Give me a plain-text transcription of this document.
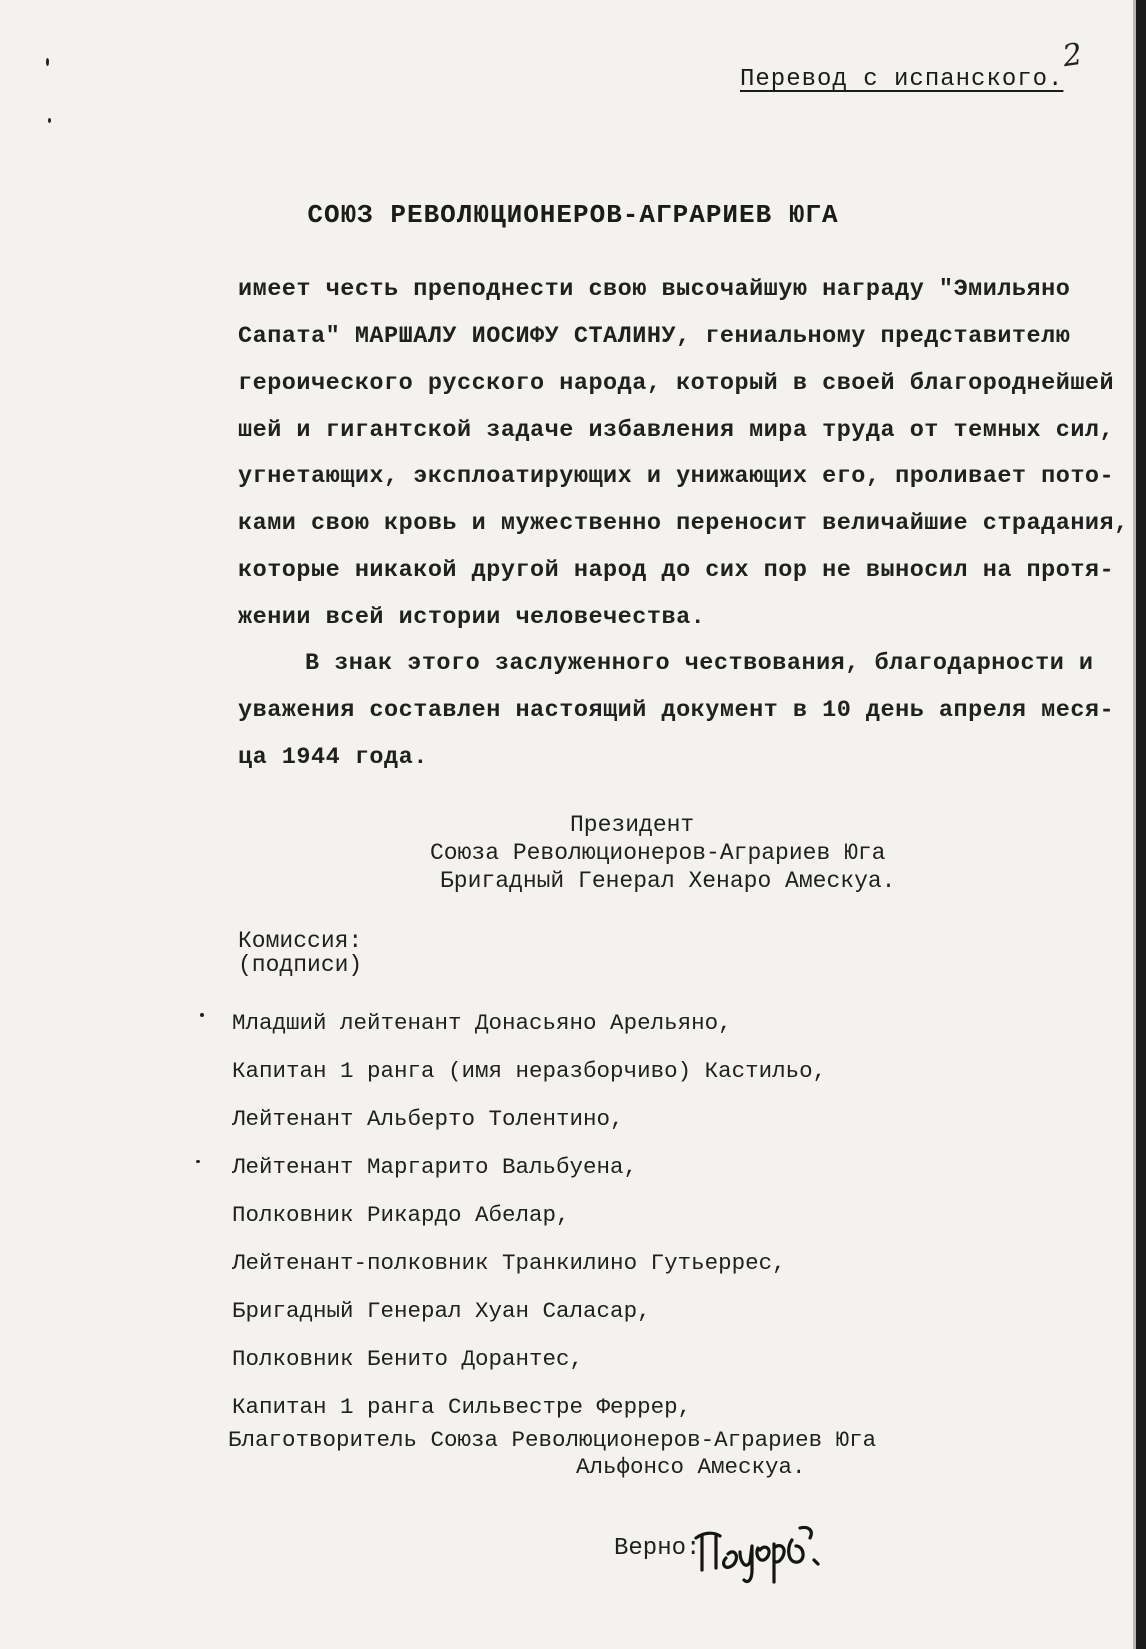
2
Перевод с испанского.
СОЮЗ РЕВОЛЮЦИОНЕРОВ-АГРАРИЕВ ЮГА
имеет честь преподнести свою высочайшую награду "Эмильяно
Сапата" МАРШАЛУ ИОСИФУ СТАЛИНУ, гениальному представителю
героического русского народа, который в своей благороднейшей
шей и гигантской задаче избавления мира труда от темных сил,
угнетающих, эксплоатирующих и унижающих его, проливает пото-
ками свою кровь и мужественно переносит величайшие страдания,
которые никакой другой народ до сих пор не выносил на протя-
жении всей истории человечества.
В знак этого заслуженного чествования, благодарности и
уважения составлен настоящий документ в 10 день апреля меся-
ца 1944 года.
Президент
Союза Революционеров-Аграриев Юга
Бригадный Генерал Хенаро Амескуа.
Комиссия:
(подписи)
Младший лейтенант Донасьяно Арельяно,
Капитан 1 ранга (имя неразборчиво) Кастильо,
Лейтенант Альберто Толентино,
Лейтенант Маргарито Вальбуена,
Полковник Рикардо Абелар,
Лейтенант-полковник Транкилино Гутьеррес,
Бригадный Генерал Хуан Саласар,
Полковник Бенито Дорантес,
Капитан 1 ранга Сильвестре Феррер,
Благотворитель Союза Революционеров-Аграриев Юга
Альфонсо Амескуа.
Верно:
